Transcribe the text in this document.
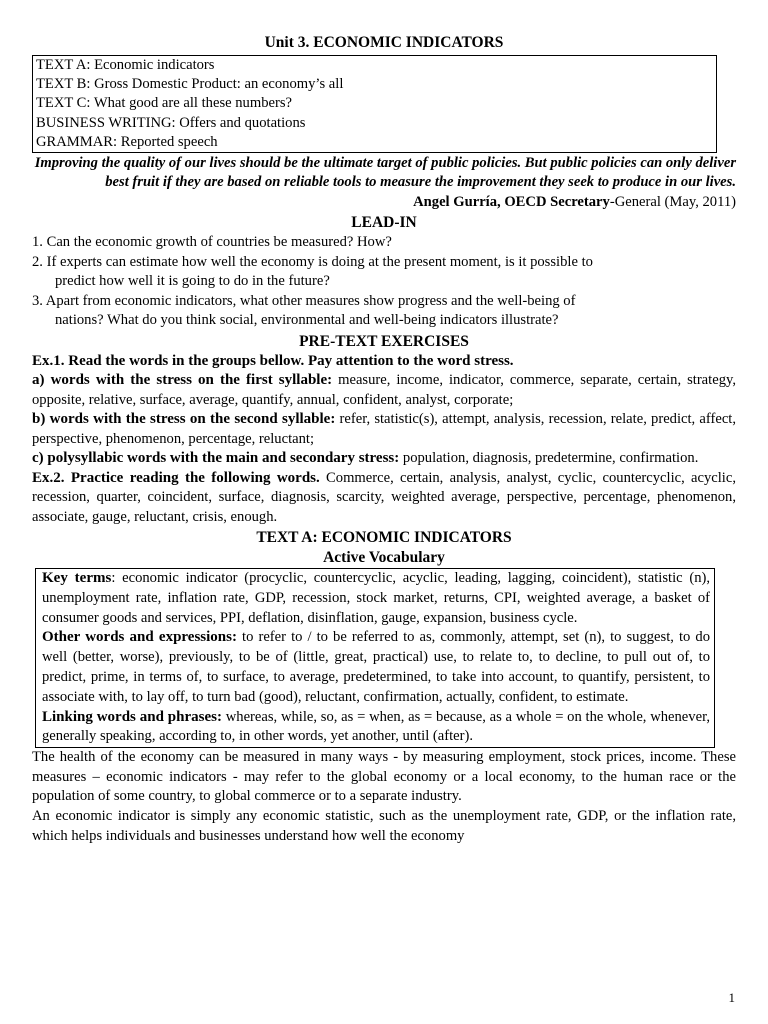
Unit 3. ECONOMIC INDICATORS
TEXT A: Economic indicators
TEXT B: Gross Domestic Product: an economy’s all
TEXT C: What good are all these numbers?
BUSINESS WRITING: Offers and quotations
GRAMMAR: Reported speech
Improving the quality of our lives should be the ultimate target of public policies. But public policies can only deliver best fruit if they are based on reliable tools to measure the improvement they seek to produce in our lives.
Angel Gurría, OECD Secretary-General (May, 2011)
LEAD-IN

1. Can the economic growth of countries be measured? How?

2. If experts can estimate how well the economy is doing at the present moment, is it possible to
predict how well it is going to do in the future?

3. Apart from economic indicators, what other measures show progress and the well-being of
nations? What do you think social, environmental and well-being indicators illustrate?

PRE-TEXT EXERCISES

Ex.1. Read the words in the groups bellow. Pay attention to the word stress.

a) words with the stress on the first syllable: measure, income, indicator, commerce, separate, certain, strategy, opposite, relative, surface, average, quantify, annual, confident, analyst, corporate;

b) words with the stress on the second syllable: refer, statistic(s), attempt, analysis, recession, relate, predict, affect, perspective, phenomenon, percentage, reluctant;

c) polysyllabic words with the main and secondary stress: population, diagnosis, predetermine, confirmation.

Ex.2. Practice reading the following words. Commerce, certain, analysis, analyst, cyclic, countercyclic, acyclic, recession, quarter, coincident, surface, diagnosis, scarcity, weighted average, perspective, percentage, phenomenon, associate, gauge, reluctant, crisis, enough.

TEXT A: ECONOMIC INDICATORS
Active Vocabulary

Key terms: economic indicator (procyclic, countercyclic, acyclic, leading, lagging, coincident), statistic (n), unemployment rate, inflation rate, GDP, recession, stock market, returns, CPI, weighted average, a basket of consumer goods and services, PPI, deflation, disinflation, gauge, expansion, business cycle.

Other words and expressions: to refer to / to be referred to as, commonly, attempt, set (n), to suggest, to do well (better, worse), previously, to be of (little, great, practical) use, to relate to, to decline, to pull out of, to predict, prime, in terms of, to surface, to average, predetermined, to take into account, to quantify, persistent, to associate with, to lay off, to turn bad (good), reluctant, confirmation, actually, confident, to estimate.

Linking words and phrases: whereas, while, so, as = when, as = because, as a whole = on the whole, whenever, generally speaking, according to, in other words, yet another, until (after).

The health of the economy can be measured in many ways - by measuring employment, stock prices, income. These measures – economic indicators - may refer to the global economy or a local economy, to the human race or the population of some country, to global commerce or to a separate industry.

An economic indicator is simply any economic statistic, such as the unemployment rate, GDP, or the inflation rate, which helps individuals and businesses understand how well the economy

1
